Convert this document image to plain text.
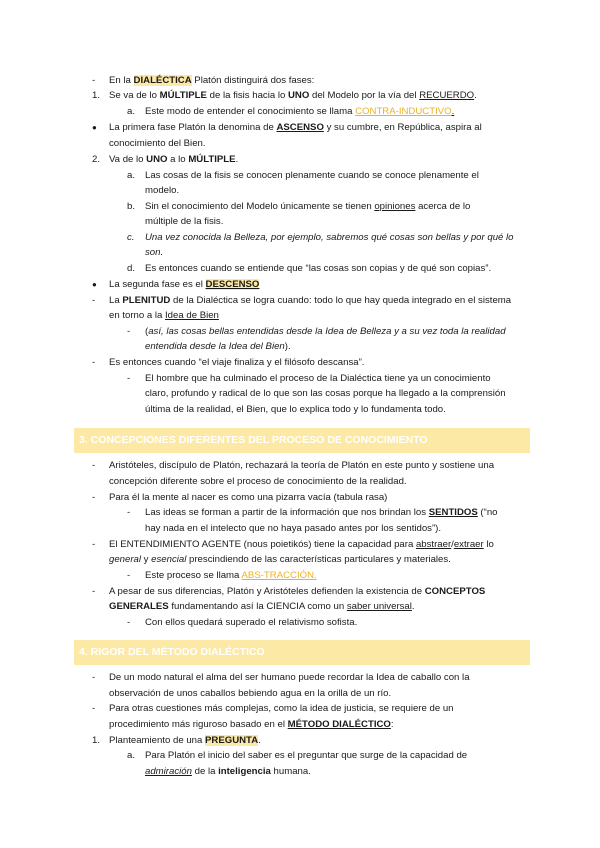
- En la DIALÉCTICA Platón distinguirá dos fases:
1. Se va de lo MÚLTIPLE de la fisis hacia lo UNO del Modelo por la vía del RECUERDO.
a. Este modo de entender el conocimiento se llama CONTRA-INDUCTIVO.
● La primera fase Platón la denomina de ASCENSO y su cumbre, en República, aspira al
conocimiento del Bien.
2. Va de lo UNO a lo MÚLTIPLE.
a. Las cosas de la fisis se conocen plenamente cuando se conoce plenamente el
modelo.
b. Sin el conocimiento del Modelo únicamente se tienen opiniones acerca de lo
múltiple de la fisis.
c. Una vez conocida la Belleza, por ejemplo, sabremos qué cosas son bellas y por qué lo
son.
d. Es entonces cuando se entiende que “las cosas son copias y de qué son copias”.
● La segunda fase es el DESCENSO
- La PLENITUD de la Dialéctica se logra cuando: todo lo que hay queda integrado en el sistema
en torno a la Idea de Bien
- (así, las cosas bellas entendidas desde la Idea de Belleza y a su vez toda la realidad
entendida desde la Idea del Bien).
- Es entonces cuando “el viaje finaliza y el filósofo descansa”.
- El hombre que ha culminado el proceso de la Dialéctica tiene ya un conocimiento
claro, profundo y radical de lo que son las cosas porque ha llegado a la comprensión
última de la realidad, el Bien, que lo explica todo y lo fundamenta todo.
3. CONCEPCIONES DIFERENTES DEL PROCESO DE CONOCIMIENTO
- Aristóteles, discípulo de Platón, rechazará la teoría de Platón en este punto y sostiene una
concepción diferente sobre el proceso de conocimiento de la realidad.
- Para él la mente al nacer es como una pizarra vacía (tabula rasa)
- Las ideas se forman a partir de la información que nos brindan los SENTIDOS (“no
hay nada en el intelecto que no haya pasado antes por los sentidos”).
- El ENTENDIMIENTO AGENTE (nous poietikós) tiene la capacidad para abstraer/extraer lo
general y esencial prescindiendo de las características particulares y materiales.
- Este proceso se llama ABS-TRACCIÓN.
- A pesar de sus diferencias, Platón y Aristóteles defienden la existencia de CONCEPTOS
GENERALES fundamentando así la CIENCIA como un saber universal.
- Con ellos quedará superado el relativismo sofista.
4. RIGOR DEL MÉTODO DIALÉCTICO
- De un modo natural el alma del ser humano puede recordar la Idea de caballo con la
observación de unos caballos bebiendo agua en la orilla de un río.
- Para otras cuestiones más complejas, como la idea de justicia, se requiere de un
procedimiento más riguroso basado en el MÉTODO DIALÉCTICO:
1. Planteamiento de una PREGUNTA.
a. Para Platón el inicio del saber es el preguntar que surge de la capacidad de
admiración de la inteligencia humana.
